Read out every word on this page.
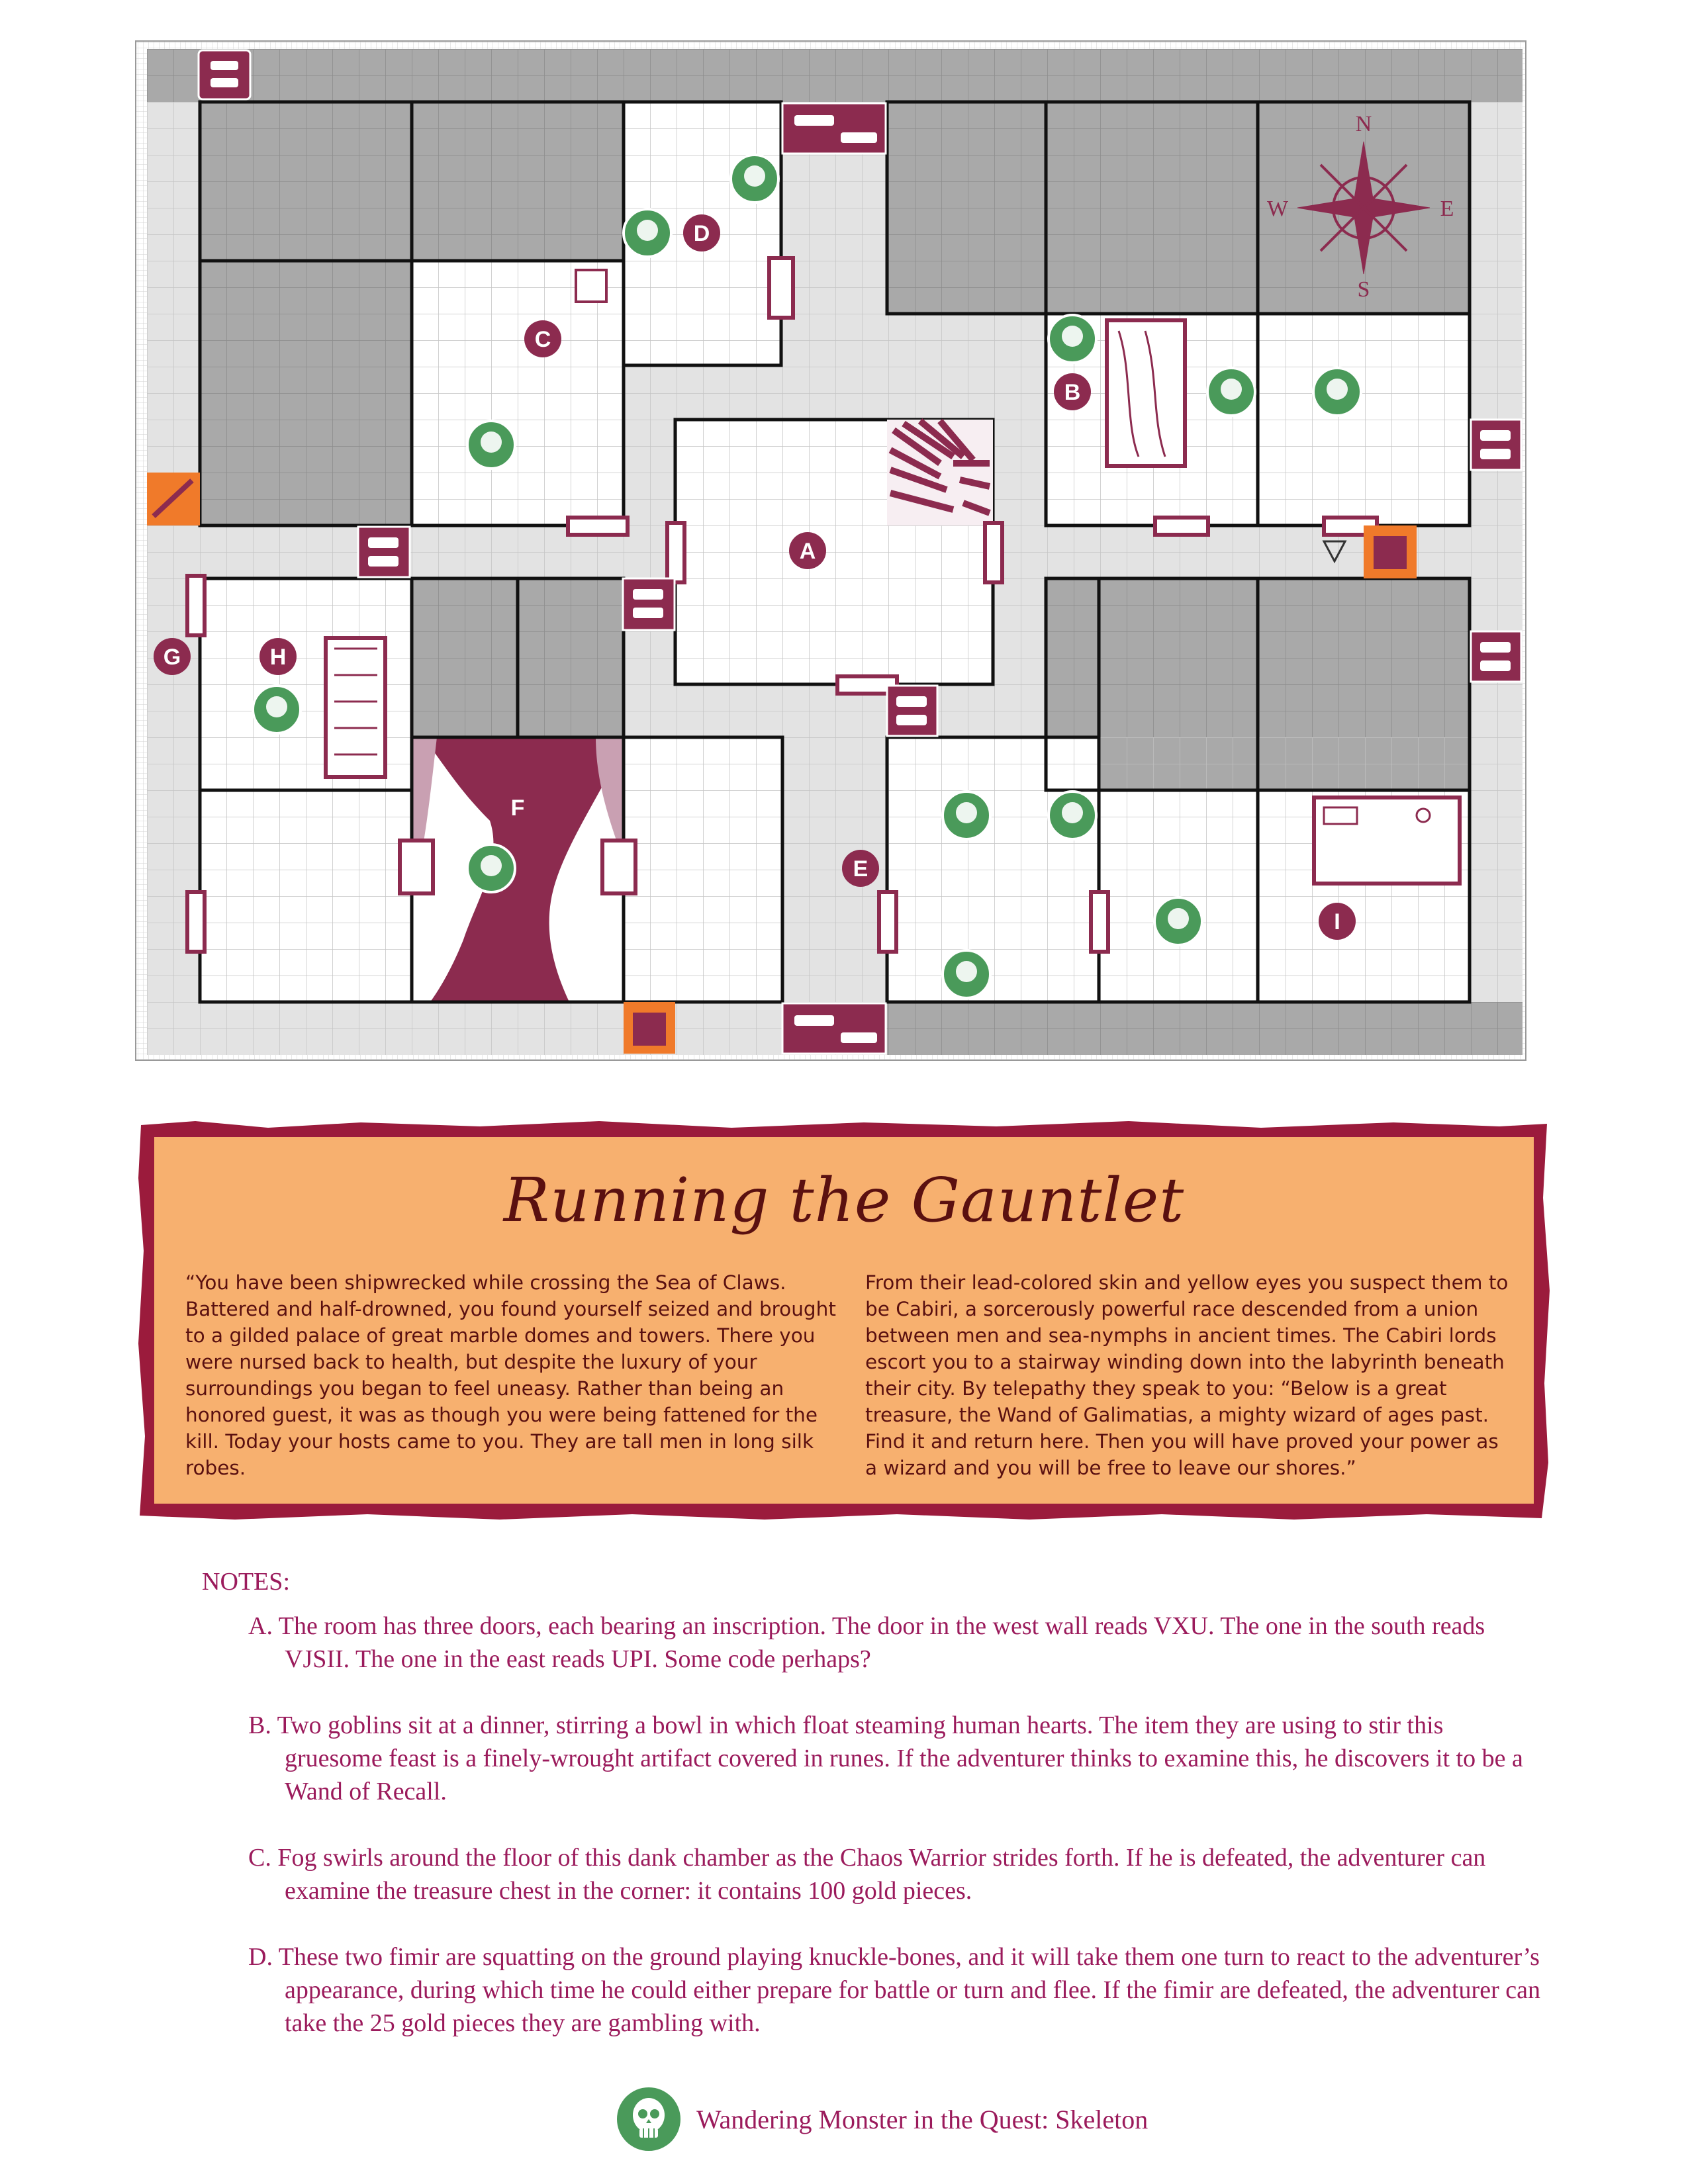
N
S
W	E
A
B
C
D
E
F
G	H
I
Running the Gauntlet
“You have been shipwrecked while crossing the Sea of Claws. Battered and half-drowned, you found yourself seized and brought to a gilded palace of great marble domes and towers. There you were nursed back to health, but despite the luxury of your surroundings you began to feel uneasy. Rather than being an honored guest, it was as though you were being fattened for the kill. Today your hosts came to you. They are tall men in long silk robes.
From their lead-colored skin and yellow eyes you suspect them to be Cabiri, a sorcerously powerful race descended from a union between men and sea-nymphs in ancient times. The Cabiri lords escort you to a stairway winding down into the labyrinth beneath their city. By telepathy they speak to you: “Below is a great treasure, the Wand of Galimatias, a mighty wizard of ages past. Find it and return here. Then you will have proved your power as a wizard and you will be free to leave our shores.”
NOTES:
A. The room has three doors, each bearing an inscription. The door in the west wall reads VXU. The one in the south reads VJSII. The one in the east reads UPI. Some code perhaps?
B. Two goblins sit at a dinner, stirring a bowl in which float steaming human hearts. The item they are using to stir this gruesome feast is a finely-wrought artifact covered in runes. If the adventurer thinks to examine this, he discovers it to be a Wand of Recall.
C. Fog swirls around the floor of this dank chamber as the Chaos Warrior strides forth. If he is defeated, the adventurer can examine the treasure chest in the corner: it contains 100 gold pieces.
D. These two fimir are squatting on the ground playing knuckle-bones, and it will take them one turn to react to the adventurer’s appearance, during which time he could either prepare for battle or turn and flee. If the fimir are defeated, the adventurer can take the 25 gold pieces they are gambling with.
Wandering Monster in the Quest: Skeleton
